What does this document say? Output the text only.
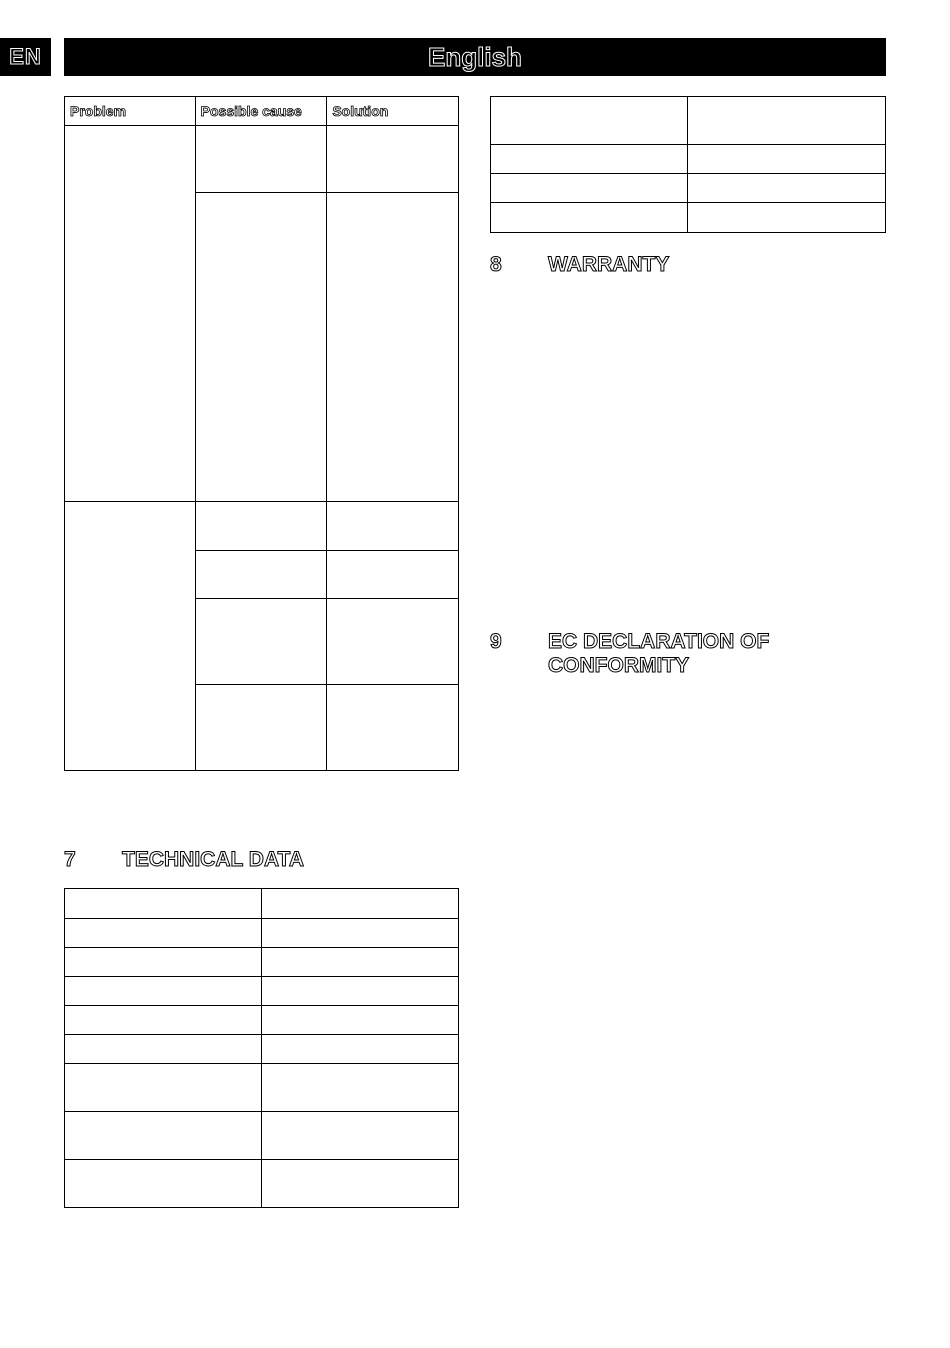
EN	English
Problem	Possible cause	Solution

7 TECHNICAL DATA

8 WARRANTY
9 EC DECLARATION OF
CONFORMITY
